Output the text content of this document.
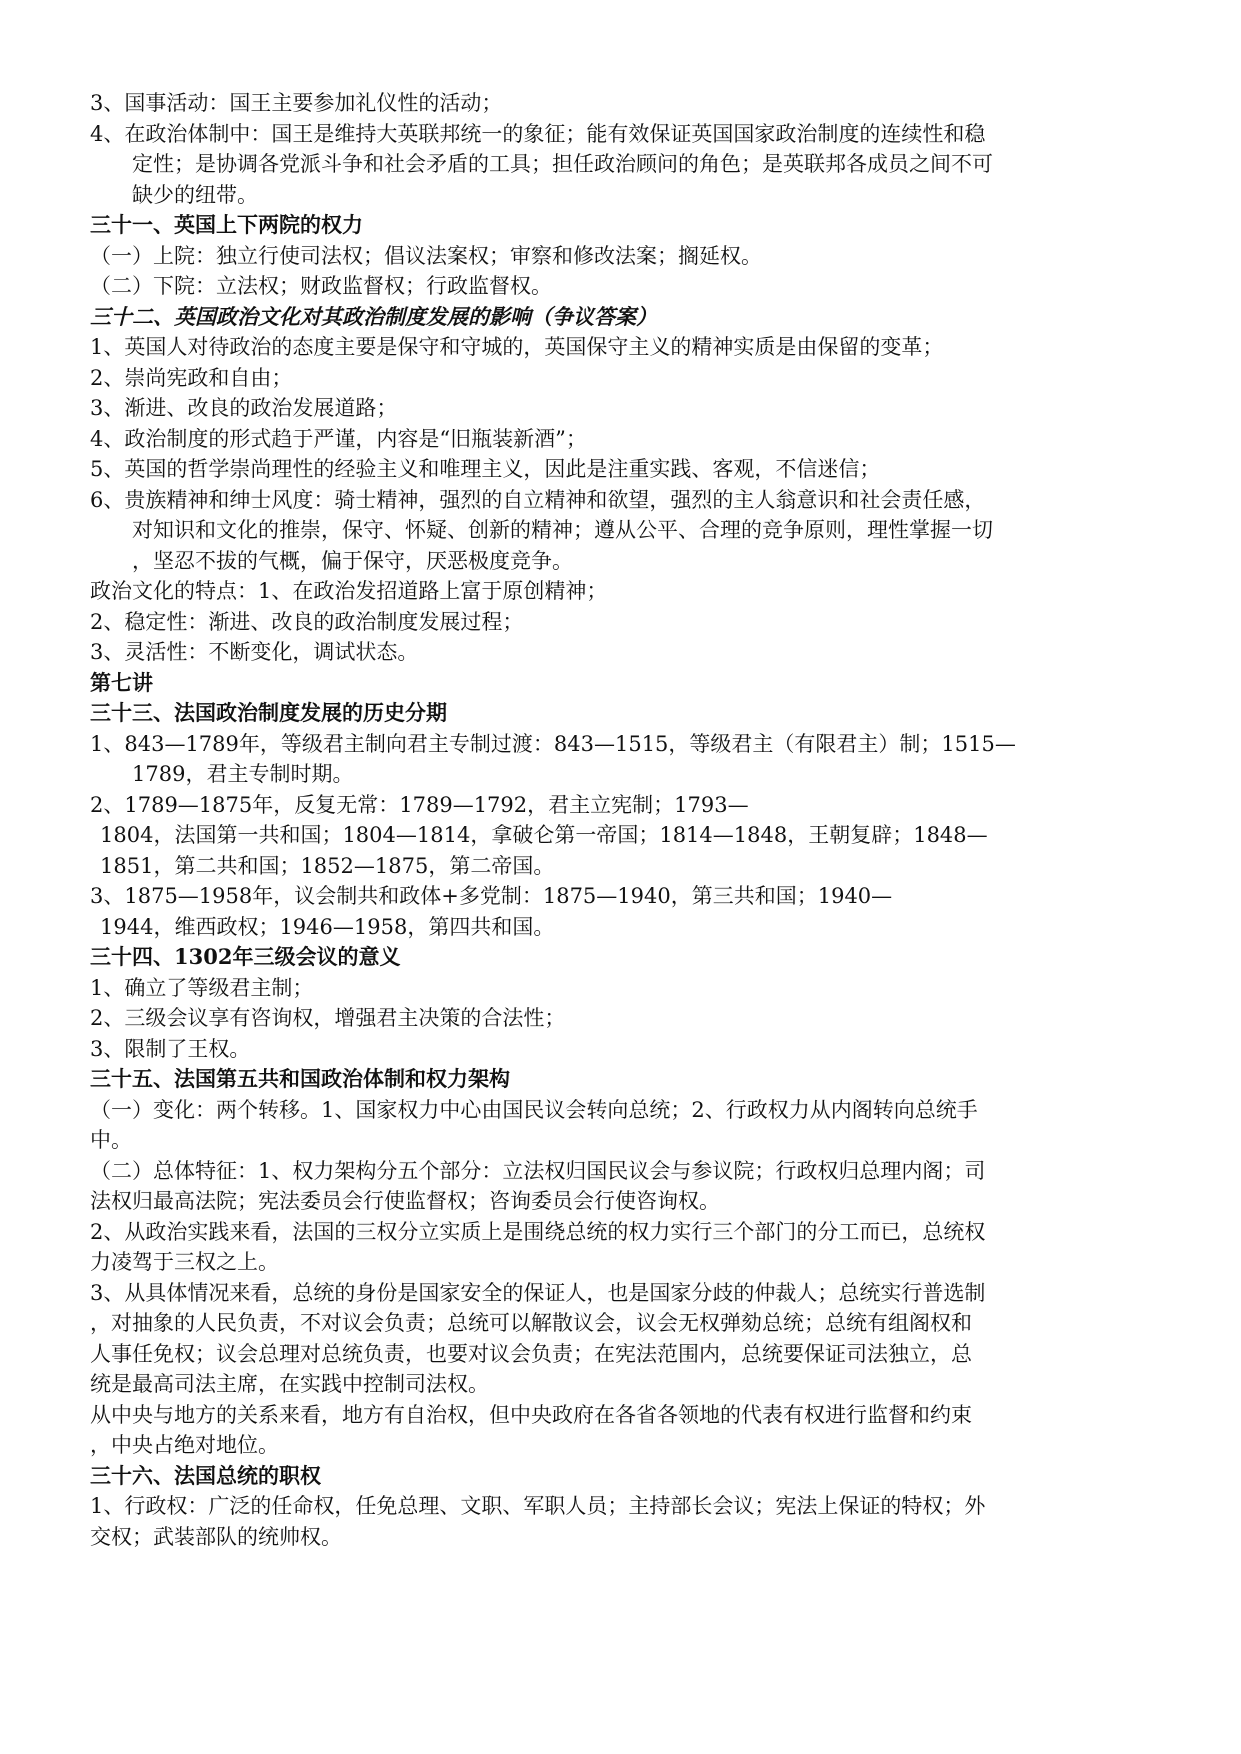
3、国事活动：国王主要参加礼仪性的活动；
4、在政治体制中：国王是维持大英联邦统一的象征；能有效保证英国国家政治制度的连续性和稳
定性；是协调各党派斗争和社会矛盾的工具；担任政治顾问的角色；是英联邦各成员之间不可
缺少的纽带。
三十一、英国上下两院的权力
（一）上院：独立行使司法权；倡议法案权；审察和修改法案；搁延权。
（二）下院：立法权；财政监督权；行政监督权。
三十二、英国政治文化对其政治制度发展的影响（争议答案）
1、英国人对待政治的态度主要是保守和守城的，英国保守主义的精神实质是由保留的变革；
2、崇尚宪政和自由；
3、渐进、改良的政治发展道路；
4、政治制度的形式趋于严谨，内容是“旧瓶装新酒”；
5、英国的哲学崇尚理性的经验主义和唯理主义，因此是注重实践、客观，不信迷信；
6、贵族精神和绅士风度：骑士精神，强烈的自立精神和欲望，强烈的主人翁意识和社会责任感，
对知识和文化的推崇，保守、怀疑、创新的精神；遵从公平、合理的竞争原则，理性掌握一切
，坚忍不拔的气概，偏于保守，厌恶极度竞争。
政治文化的特点：1、在政治发招道路上富于原创精神；
2、稳定性：渐进、改良的政治制度发展过程；
3、灵活性：不断变化，调试状态。
第七讲
三十三、法国政治制度发展的历史分期
1、843—1789年，等级君主制向君主专制过渡：843—1515，等级君主（有限君主）制；1515—
1789，君主专制时期。
2、1789—1875年，反复无常：1789—1792，君主立宪制；1793—
1804，法国第一共和国；1804—1814，拿破仑第一帝国；1814—1848，王朝复辟；1848—
1851，第二共和国；1852—1875，第二帝国。
3、1875—1958年，议会制共和政体+多党制：1875—1940，第三共和国；1940—
1944，维西政权；1946—1958，第四共和国。
三十四、1302年三级会议的意义
1、确立了等级君主制；
2、三级会议享有咨询权，增强君主决策的合法性；
3、限制了王权。
三十五、法国第五共和国政治体制和权力架构
（一）变化：两个转移。1、国家权力中心由国民议会转向总统；2、行政权力从内阁转向总统手
中。
（二）总体特征：1、权力架构分五个部分：立法权归国民议会与参议院；行政权归总理内阁；司
法权归最高法院；宪法委员会行使监督权；咨询委员会行使咨询权。
2、从政治实践来看，法国的三权分立实质上是围绕总统的权力实行三个部门的分工而已，总统权
力凌驾于三权之上。
3、从具体情况来看，总统的身份是国家安全的保证人，也是国家分歧的仲裁人；总统实行普选制
，对抽象的人民负责，不对议会负责；总统可以解散议会，议会无权弹劾总统；总统有组阁权和
人事任免权；议会总理对总统负责，也要对议会负责；在宪法范围内，总统要保证司法独立，总
统是最高司法主席，在实践中控制司法权。
从中央与地方的关系来看，地方有自治权，但中央政府在各省各领地的代表有权进行监督和约束
，中央占绝对地位。
三十六、法国总统的职权
1、行政权：广泛的任命权，任免总理、文职、军职人员；主持部长会议；宪法上保证的特权；外
交权；武装部队的统帅权。
